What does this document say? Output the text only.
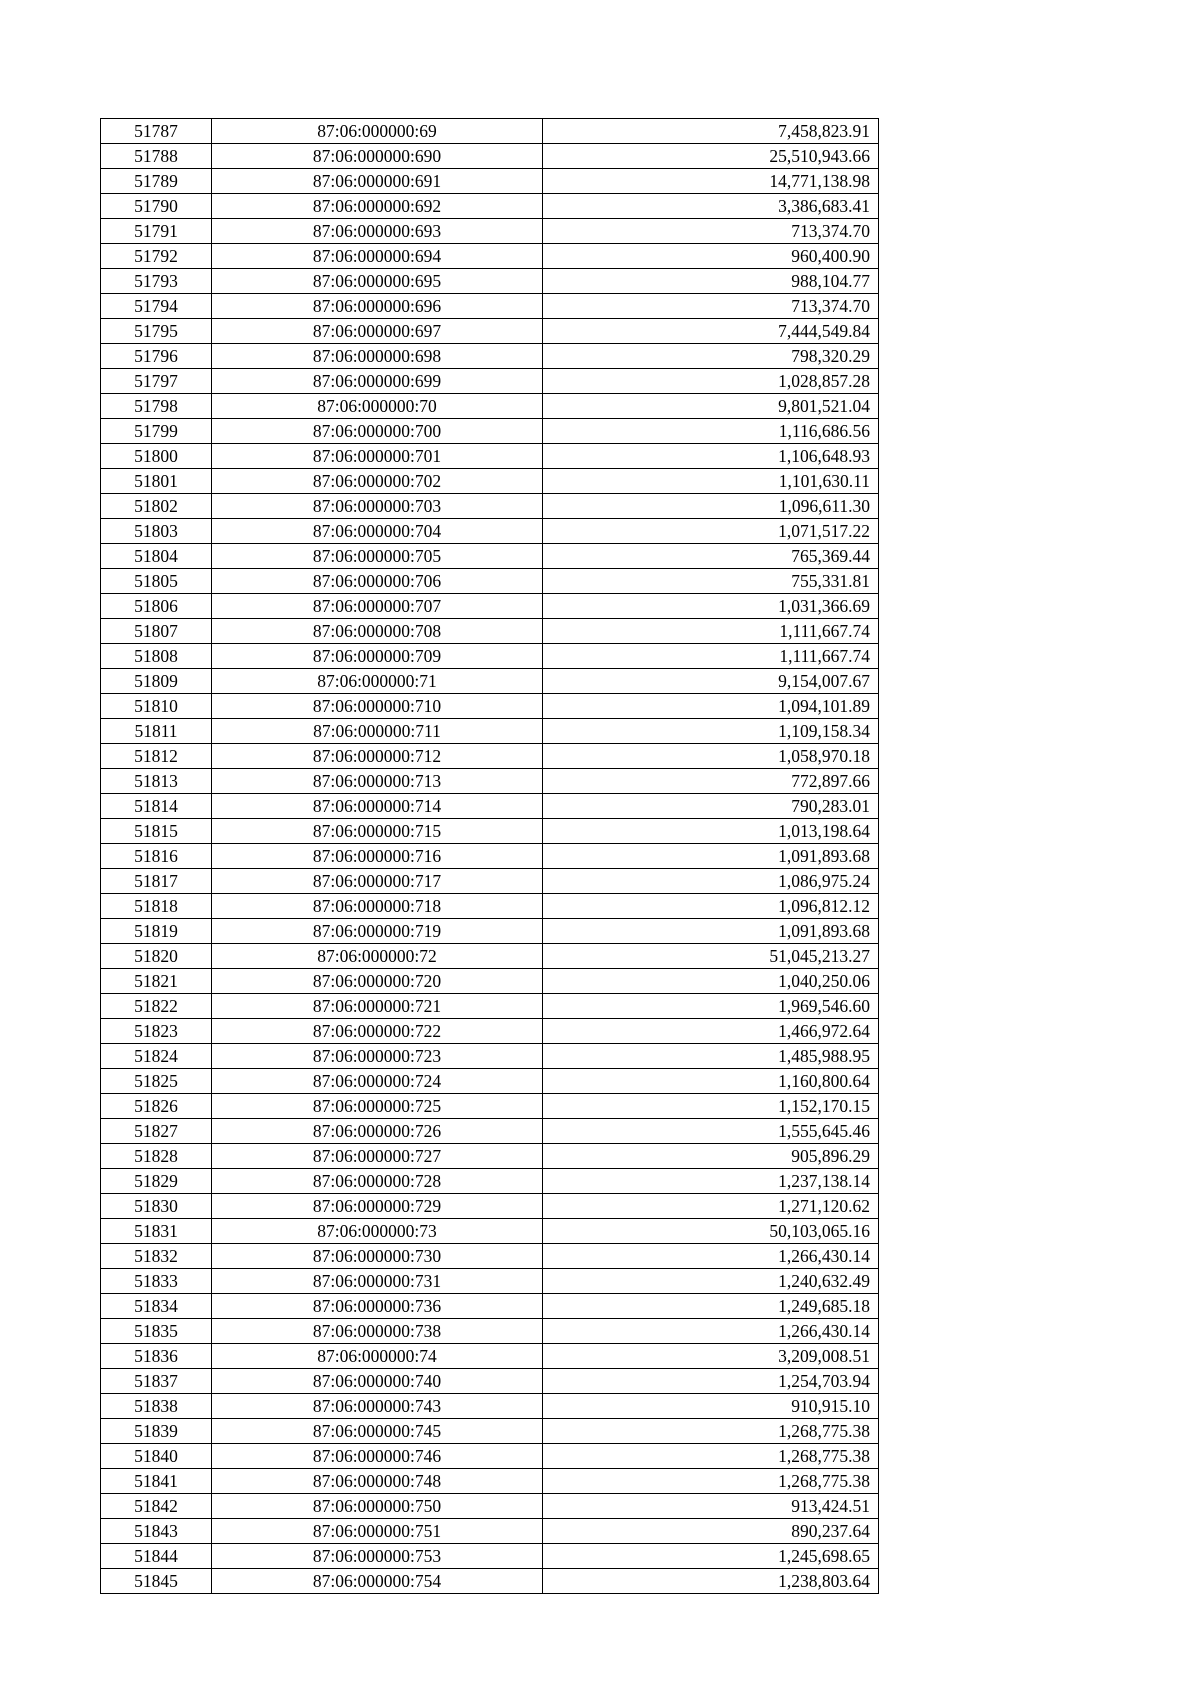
51787	87:06:000000:69	7,458,823.91
51788	87:06:000000:690	25,510,943.66
51789	87:06:000000:691	14,771,138.98
51790	87:06:000000:692	3,386,683.41
51791	87:06:000000:693	713,374.70
51792	87:06:000000:694	960,400.90
51793	87:06:000000:695	988,104.77
51794	87:06:000000:696	713,374.70
51795	87:06:000000:697	7,444,549.84
51796	87:06:000000:698	798,320.29
51797	87:06:000000:699	1,028,857.28
51798	87:06:000000:70	9,801,521.04
51799	87:06:000000:700	1,116,686.56
51800	87:06:000000:701	1,106,648.93
51801	87:06:000000:702	1,101,630.11
51802	87:06:000000:703	1,096,611.30
51803	87:06:000000:704	1,071,517.22
51804	87:06:000000:705	765,369.44
51805	87:06:000000:706	755,331.81
51806	87:06:000000:707	1,031,366.69
51807	87:06:000000:708	1,111,667.74
51808	87:06:000000:709	1,111,667.74
51809	87:06:000000:71	9,154,007.67
51810	87:06:000000:710	1,094,101.89
51811	87:06:000000:711	1,109,158.34
51812	87:06:000000:712	1,058,970.18
51813	87:06:000000:713	772,897.66
51814	87:06:000000:714	790,283.01
51815	87:06:000000:715	1,013,198.64
51816	87:06:000000:716	1,091,893.68
51817	87:06:000000:717	1,086,975.24
51818	87:06:000000:718	1,096,812.12
51819	87:06:000000:719	1,091,893.68
51820	87:06:000000:72	51,045,213.27
51821	87:06:000000:720	1,040,250.06
51822	87:06:000000:721	1,969,546.60
51823	87:06:000000:722	1,466,972.64
51824	87:06:000000:723	1,485,988.95
51825	87:06:000000:724	1,160,800.64
51826	87:06:000000:725	1,152,170.15
51827	87:06:000000:726	1,555,645.46
51828	87:06:000000:727	905,896.29
51829	87:06:000000:728	1,237,138.14
51830	87:06:000000:729	1,271,120.62
51831	87:06:000000:73	50,103,065.16
51832	87:06:000000:730	1,266,430.14
51833	87:06:000000:731	1,240,632.49
51834	87:06:000000:736	1,249,685.18
51835	87:06:000000:738	1,266,430.14
51836	87:06:000000:74	3,209,008.51
51837	87:06:000000:740	1,254,703.94
51838	87:06:000000:743	910,915.10
51839	87:06:000000:745	1,268,775.38
51840	87:06:000000:746	1,268,775.38
51841	87:06:000000:748	1,268,775.38
51842	87:06:000000:750	913,424.51
51843	87:06:000000:751	890,237.64
51844	87:06:000000:753	1,245,698.65
51845	87:06:000000:754	1,238,803.64
